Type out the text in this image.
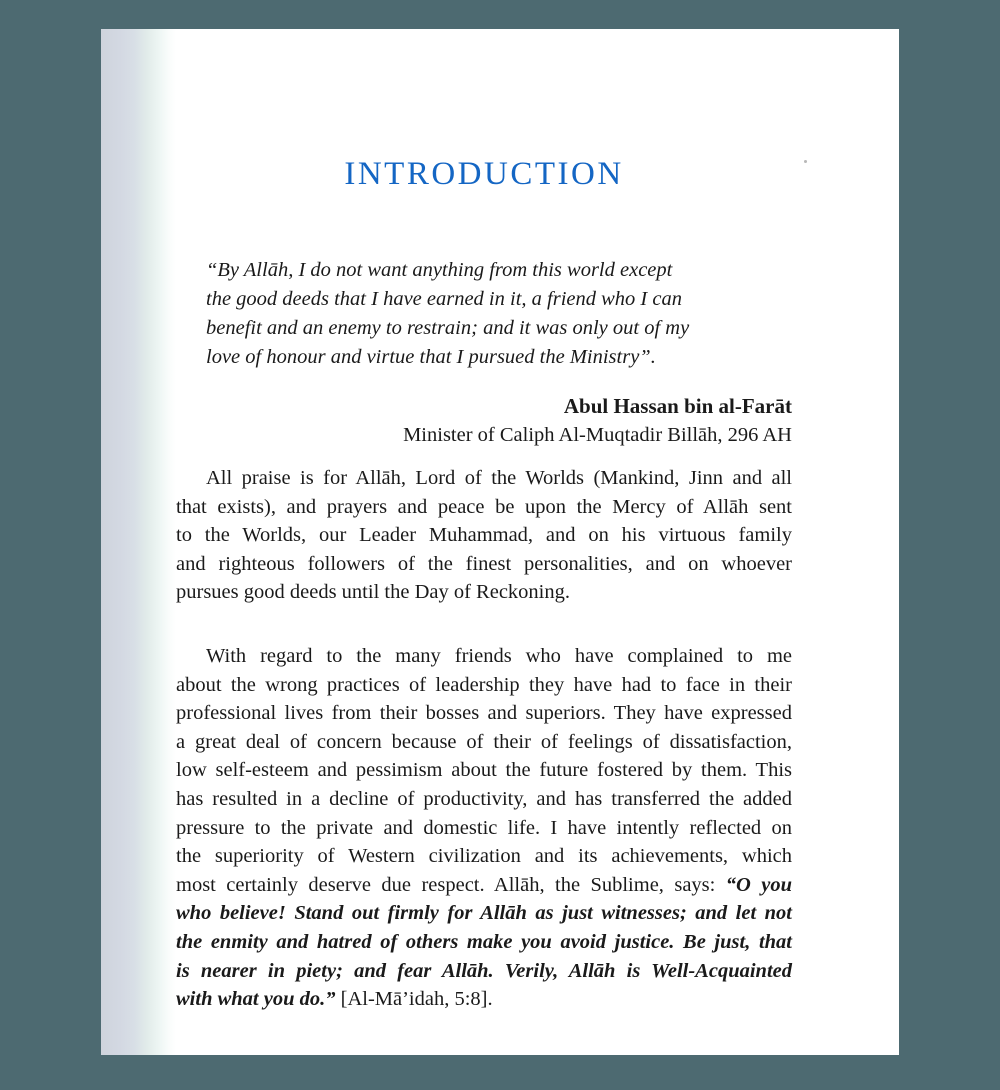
INTRODUCTION
“By Allāh, I do not want anything from this world except
the good deeds that I have earned in it, a friend who I can
benefit and an enemy to restrain; and it was only out of my
love of honour and virtue that I pursued the Ministry”.
Abul Hassan bin al-Farāt
Minister of Caliph Al-Muqtadir Billāh, 296 AH

All praise is for Allāh, Lord of the Worlds (Mankind, Jinn and all
that exists), and prayers and peace be upon the Mercy of Allāh sent
to the Worlds, our Leader Muhammad, and on his virtuous family
and righteous followers of the finest personalities, and on whoever
pursues good deeds until the Day of Reckoning.

With regard to the many friends who have complained to me
about the wrong practices of leadership they have had to face in their
professional lives from their bosses and superiors. They have expressed
a great deal of concern because of their of feelings of dissatisfaction,
low self-esteem and pessimism about the future fostered by them. This
has resulted in a decline of productivity, and has transferred the added
pressure to the private and domestic life. I have intently reflected on
the superiority of Western civilization and its achievements, which
most certainly deserve due respect. Allāh, the Sublime, says: “O you
who believe! Stand out firmly for Allāh as just witnesses; and let not
the enmity and hatred of others make you avoid justice. Be just, that
is nearer in piety; and fear Allāh. Verily, Allāh is Well-Acquainted
with what you do.” [Al-Mā’idah, 5:8].
